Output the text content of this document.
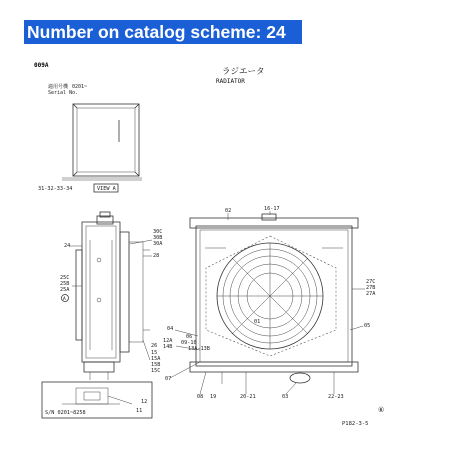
Number on catalog scheme: 24
009A
ラジエータ
RADIATOR
適用号機 0201~
Serial No.
31-32-33-34	VIEW A
S/N 0201~8258
02	16-17
24
30C
30B
30A
28
25C
25B
25A
A
27C
27B
27A
01
05
04
06
12A
14B
09-10
13A-13B
26
15
15A
15B
15C
07
08 19	20-21	03	22-23
12
11	⑥
P182-3-5
